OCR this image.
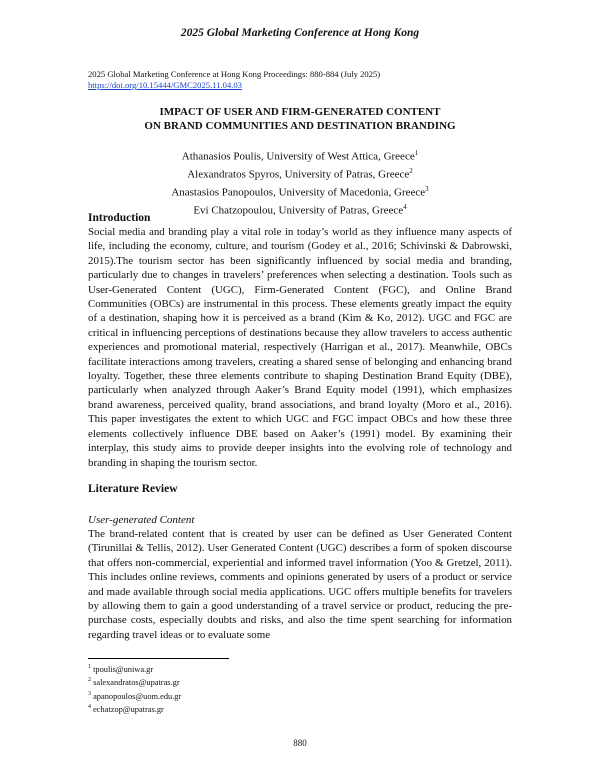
2025 Global Marketing Conference at Hong Kong
2025 Global Marketing Conference at Hong Kong Proceedings: 880-884 (July 2025)
https://doi.org/10.15444/GMC2025.11.04.03
IMPACT OF USER AND FIRM-GENERATED CONTENT
ON BRAND COMMUNITIES AND DESTINATION BRANDING
Athanasios Poulis, University of West Attica, Greece$^1$
Alexandratos Spyros, University of Patras, Greece$^2$
Anastasios Panopoulos, University of Macedonia, Greece$^3$
Evi Chatzopoulou, University of Patras, Greece$^4$
Introduction

Social media and branding play a vital role in today’s world as they influence many aspects of life, including the economy, culture, and tourism (Godey et al., 2016; Schivinski & Dabrowski, 2015).The tourism sector has been significantly influenced by social media and branding, particularly due to changes in travelers’ preferences when selecting a destination. Tools such as User-Generated Content (UGC), Firm-Generated Content (FGC), and Online Brand Communities (OBCs) are instrumental in this process. These elements greatly impact the equity of a destination, shaping how it is perceived as a brand (Kim & Ko, 2012). UGC and FGC are critical in influencing perceptions of destinations because they allow travelers to access authentic experiences and promotional material, respectively (Harrigan et al., 2017). Meanwhile, OBCs facilitate interactions among travelers, creating a shared sense of belonging and enhancing brand loyalty. Together, these three elements contribute to shaping Destination Brand Equity (DBE), particularly when analyzed through Aaker’s Brand Equity model (1991), which emphasizes brand awareness, perceived quality, brand associations, and brand loyalty (Moro et al., 2016). This paper investigates the extent to which UGC and FGC impact OBCs and how these three elements collectively influence DBE based on Aaker’s (1991) model. By examining their interplay, this study aims to provide deeper insights into the evolving role of technology and branding in shaping the tourism sector.

Literature Review
User-generated Content

The brand-related content that is created by user can be defined as User Generated Content (Tirunillai & Tellis, 2012). User Generated Content (UGC) describes a form of spoken discourse that offers non-commercial, experiential and informed travel information (Yoo & Gretzel, 2011). This includes online reviews, comments and opinions generated by users of a product or service and made available through social media applications. UGC offers multiple benefits for travelers by allowing them to gain a good understanding of a travel service or product, reducing the pre-purchase costs, especially doubts and risks, and also the time spent searching for information regarding travel ideas or to evaluate some

$^1$ tpoulis@uniwa.gr
$^2$ salexandratos@upatras.gr
$^3$ apanopoulos@uom.edu.gr
$^4$ echatzop@upatras.gr
880
